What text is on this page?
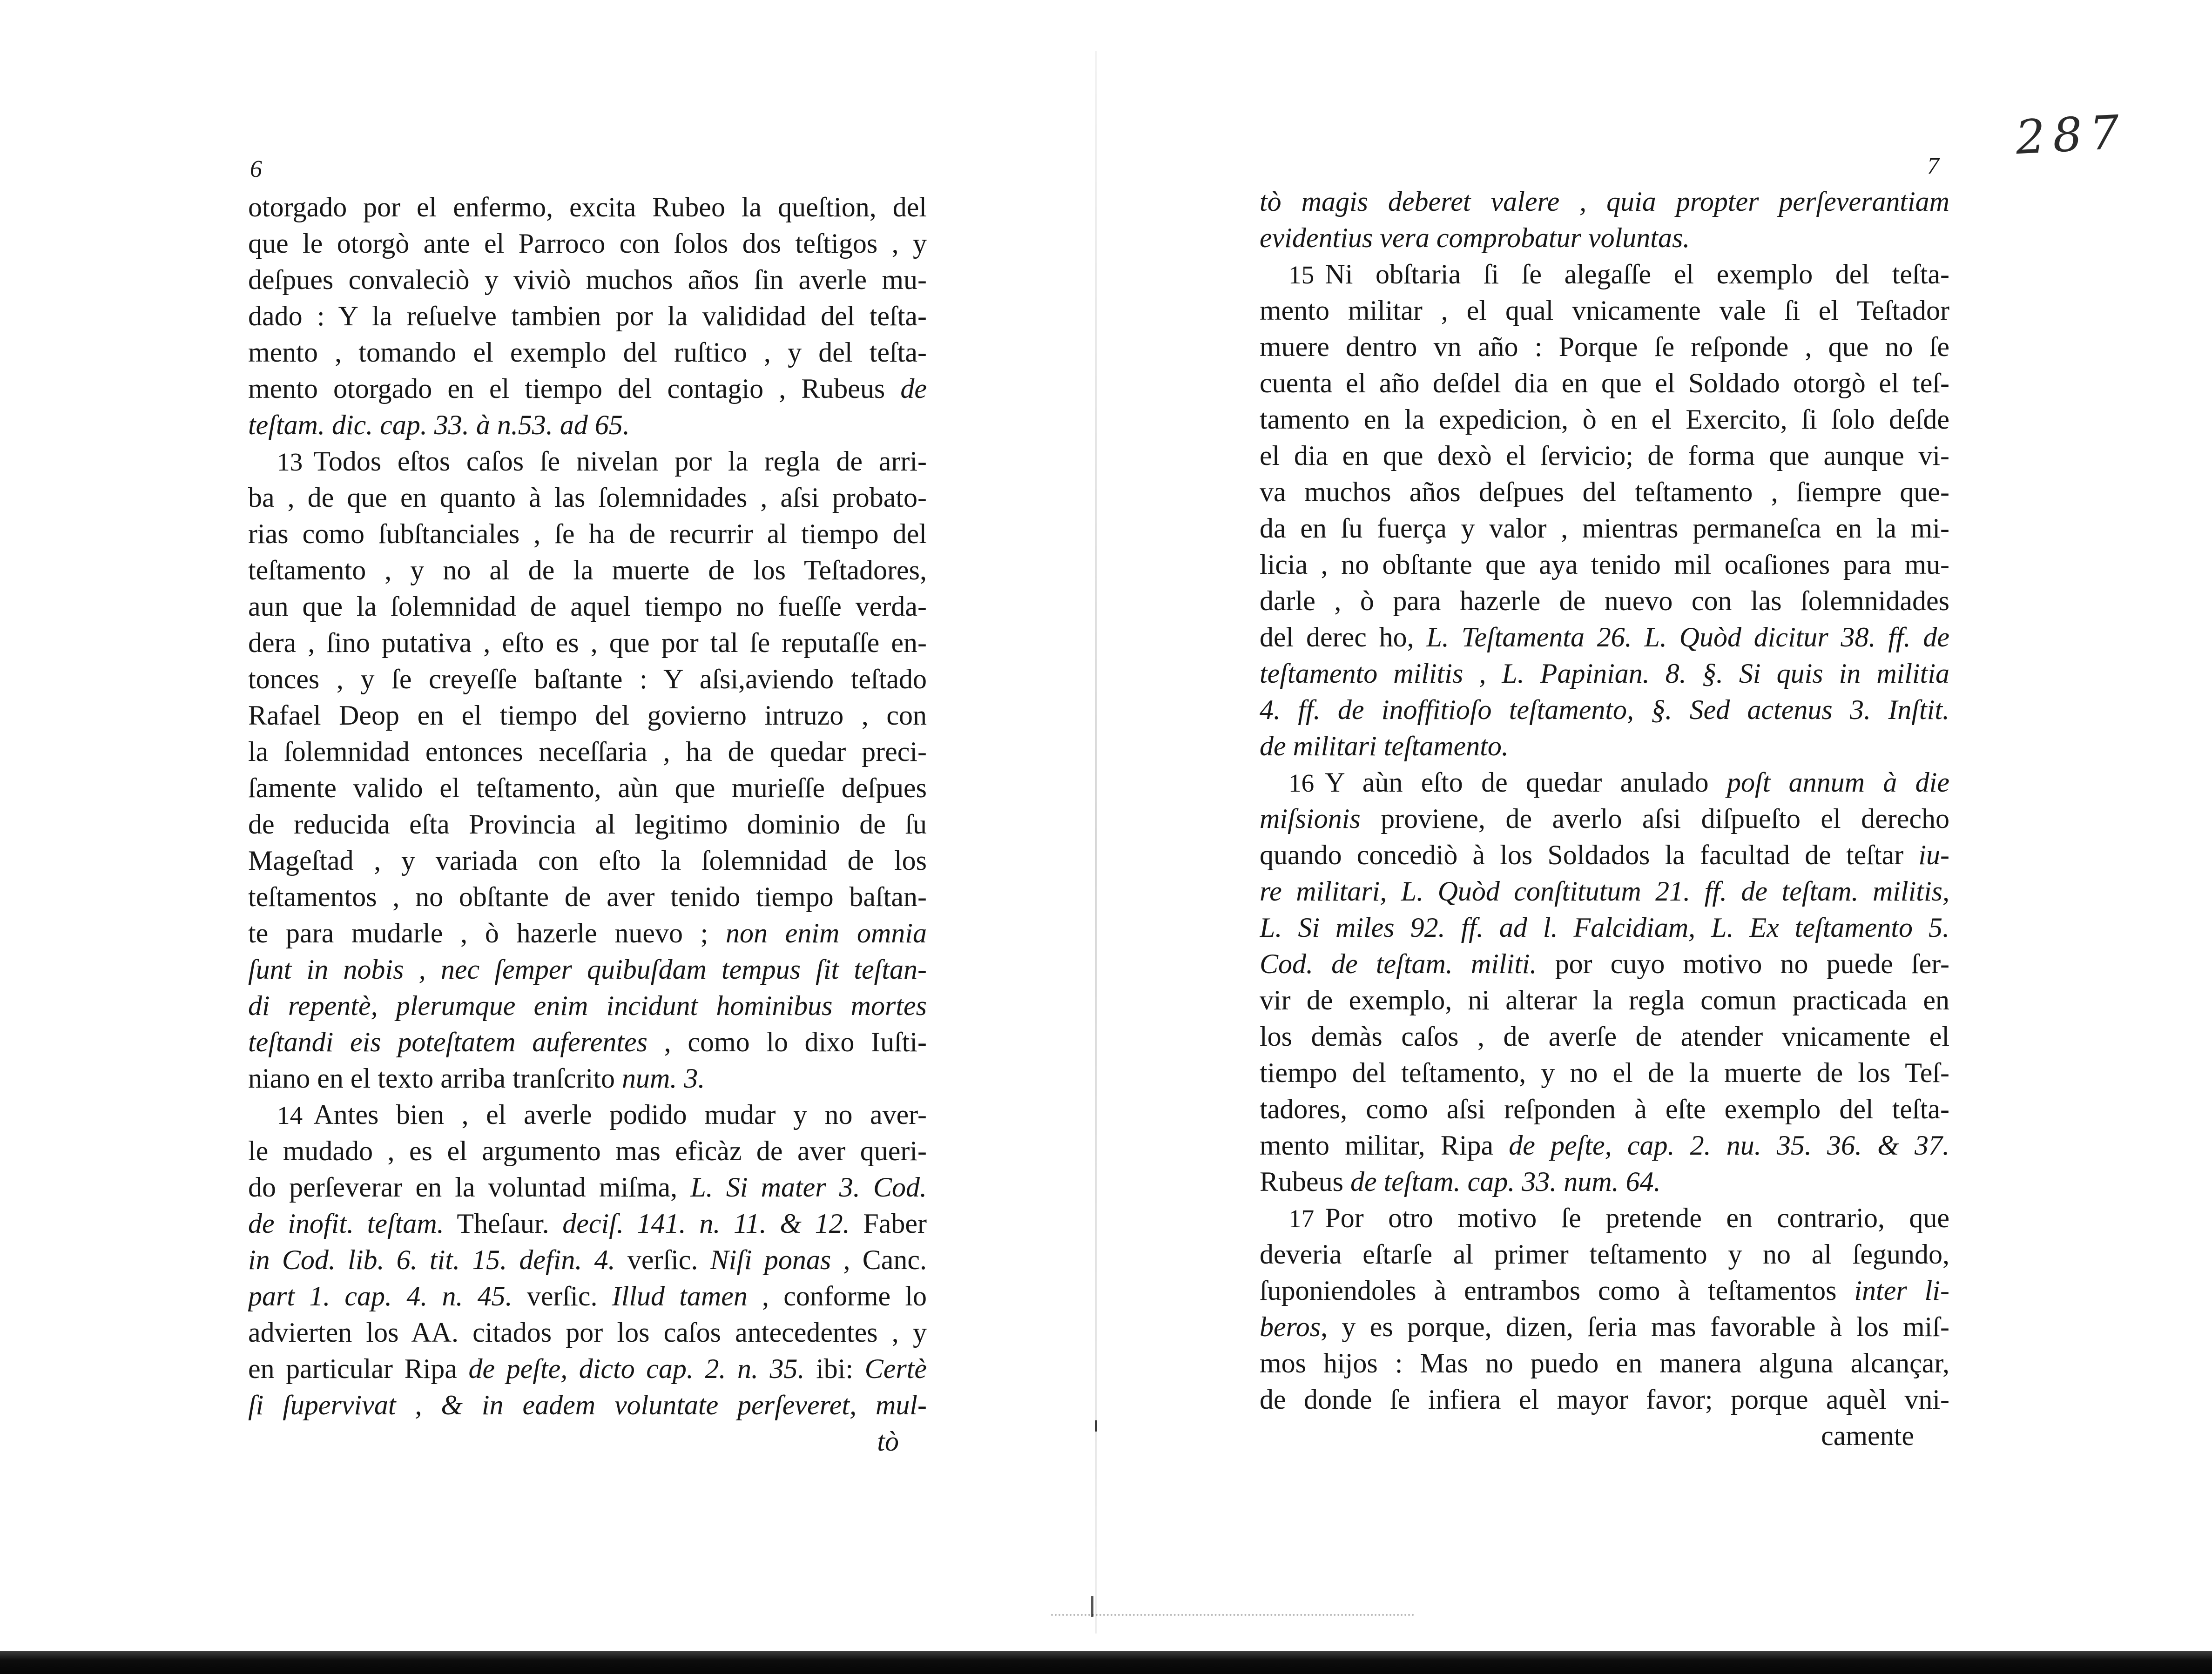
6
otorgado por el enfermo, excita Rubeo la queſtion, del
que le otorgò ante el Parroco con ſolos dos teſtigos , y
deſpues convaleciò y viviò muchos años ſin averle mu-
dado : Y la reſuelve tambien por la valididad del teſta-
mento , tomando el exemplo del ruſtico , y del teſta-
mento otorgado en el tiempo del contagio , Rubeus de
teſtam. dic. cap. 33. à n.53. ad 65.
13 Todos eſtos caſos ſe nivelan por la regla de arri-
ba , de que en quanto à las ſolemnidades , aſsi probato-
rias como ſubſtanciales , ſe ha de recurrir al tiempo del
teſtamento , y no al de la muerte de los Teſtadores,
aun que la ſolemnidad de aquel tiempo no fueſſe verda-
dera , ſino putativa , eſto es , que por tal ſe reputaſſe en-
tonces , y ſe creyeſſe baſtante : Y aſsi,aviendo teſtado
Rafael Deop en el tiempo del govierno intruzo , con
la ſolemnidad entonces neceſſaria , ha de quedar preci-
ſamente valido el teſtamento, aùn que murieſſe deſpues
de reducida eſta Provincia al legitimo dominio de ſu
Mageſtad , y variada con eſto la ſolemnidad de los
teſtamentos , no obſtante de aver tenido tiempo baſtan-
te para mudarle , ò hazerle nuevo ; non enim omnia
ſunt in nobis , nec ſemper quibuſdam tempus ſit teſtan-
di repentè, plerumque enim incidunt hominibus mortes
teſtandi eis poteſtatem auferentes , como lo dixo Iuſti-
niano en el texto arriba tranſcrito num. 3.
14 Antes bien , el averle podido mudar y no aver-
le mudado , es el argumento mas eficàz de aver queri-
do perſeverar en la voluntad miſma, L. Si mater 3. Cod.
de inofit. teſtam. Theſaur. deciſ. 141. n. 11. & 12. Faber
in Cod. lib. 6. tit. 15. defin. 4. verſic. Niſi ponas , Canc.
part 1. cap. 4. n. 45. verſic. Illud tamen , conforme lo
advierten los AA. citados por los caſos antecedentes , y
en particular Ripa de peſte, dicto cap. 2. n. 35. ibi: Certè
ſi ſupervivat , & in eadem voluntate perſeveret, mul-
tò
287
7
tò magis deberet valere , quia propter perſeverantiam
evidentius vera comprobatur voluntas.
15 Ni obſtaria ſi ſe alegaſſe el exemplo del teſta-
mento militar , el qual vnicamente vale ſi el Teſtador
muere dentro vn año : Porque ſe reſponde , que no ſe
cuenta el año deſdel dia en que el Soldado otorgò el teſ-
tamento en la expedicion, ò en el Exercito, ſi ſolo deſde
el dia en que dexò el ſervicio; de forma que aunque vi-
va muchos años deſpues del teſtamento , ſiempre que-
da en ſu fuerça y valor , mientras permaneſca en la mi-
licia , no obſtante que aya tenido mil ocaſiones para mu-
darle , ò para hazerle de nuevo con las ſolemnidades
del derec ho, L. Teſtamenta 26. L. Quòd dicitur 38. ff. de
teſtamento militis , L. Papinian. 8. §. Si quis in militia
4. ff. de inoffitioſo teſtamento, §. Sed actenus 3. Inſtit.
de militari teſtamento.
16 Y aùn eſto de quedar anulado poſt annum à die
miſsionis proviene, de averlo aſsi diſpueſto el derecho
quando concediò à los Soldados la facultad de teſtar iu-
re militari, L. Quòd conſtitutum 21. ff. de teſtam. militis,
L. Si miles 92. ff. ad l. Falcidiam, L. Ex teſtamento 5.
Cod. de teſtam. militi. por cuyo motivo no puede ſer-
vir de exemplo, ni alterar la regla comun practicada en
los demàs caſos , de averſe de atender vnicamente el
tiempo del teſtamento, y no el de la muerte de los Teſ-
tadores, como aſsi reſponden à eſte exemplo del teſta-
mento militar, Ripa de peſte, cap. 2. nu. 35. 36. & 37.
Rubeus de teſtam. cap. 33. num. 64.
17 Por otro motivo ſe pretende en contrario, que
deveria eſtarſe al primer teſtamento y no al ſegundo,
ſuponiendoles à entrambos como à teſtamentos inter li-
beros, y es porque, dizen, ſeria mas favorable à los miſ-
mos hijos : Mas no puedo en manera alguna alcançar,
de donde ſe infiera el mayor favor; porque aquèl vni-
camente
